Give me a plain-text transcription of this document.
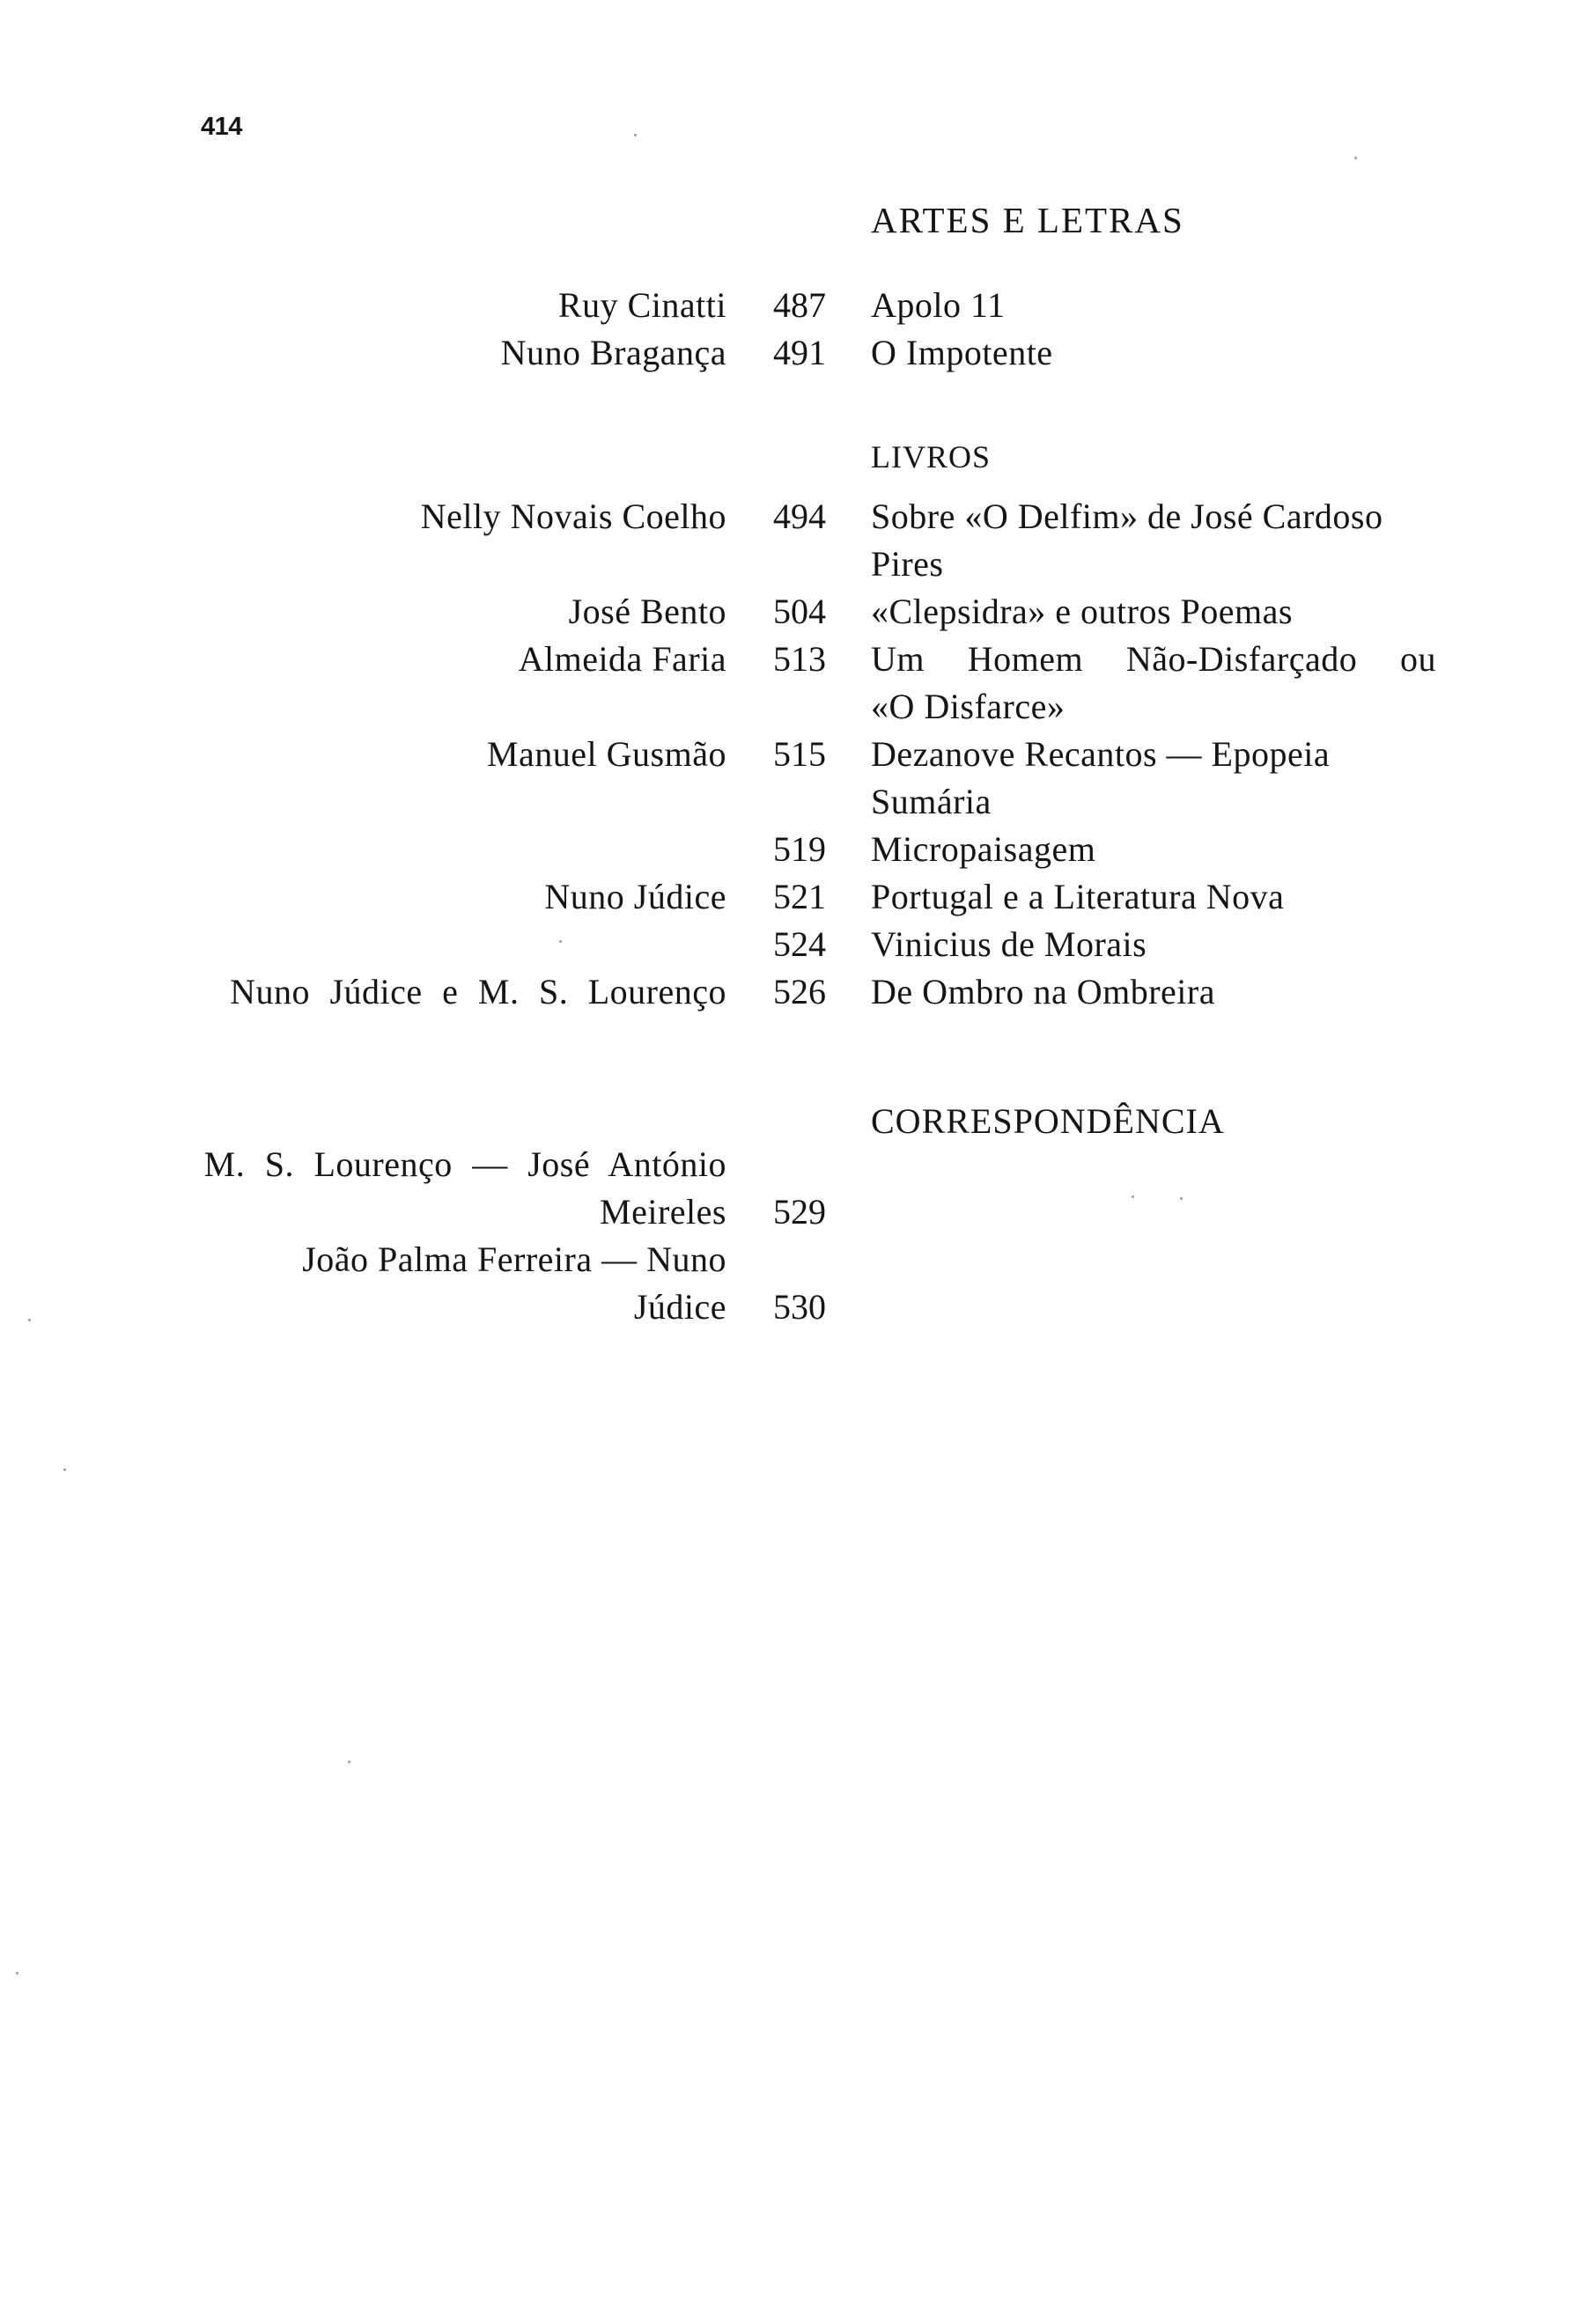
414
ARTES E LETRAS
Ruy Cinatti 487 Apolo 11
Nuno Bragança 491 O Impotente
LIVROS
Nelly Novais Coelho 494 Sobre «O Delfim» de José Cardoso
Pires
José Bento 504 «Clepsidra» e outros Poemas
Almeida Faria 513 Um Homem Não-Disfarçado ou
«O Disfarce»
Manuel Gusmão 515 Dezanove Recantos — Epopeia
Sumária
519 Micropaisagem
Nuno Júdice 521 Portugal e a Literatura Nova
524 Vinicius de Morais
Nuno Júdice e M. S. Lourenço 526 De Ombro na Ombreira
CORRESPONDÊNCIA
M. S. Lourenço — José António
Meireles 529
João Palma Ferreira — Nuno
Júdice 530
